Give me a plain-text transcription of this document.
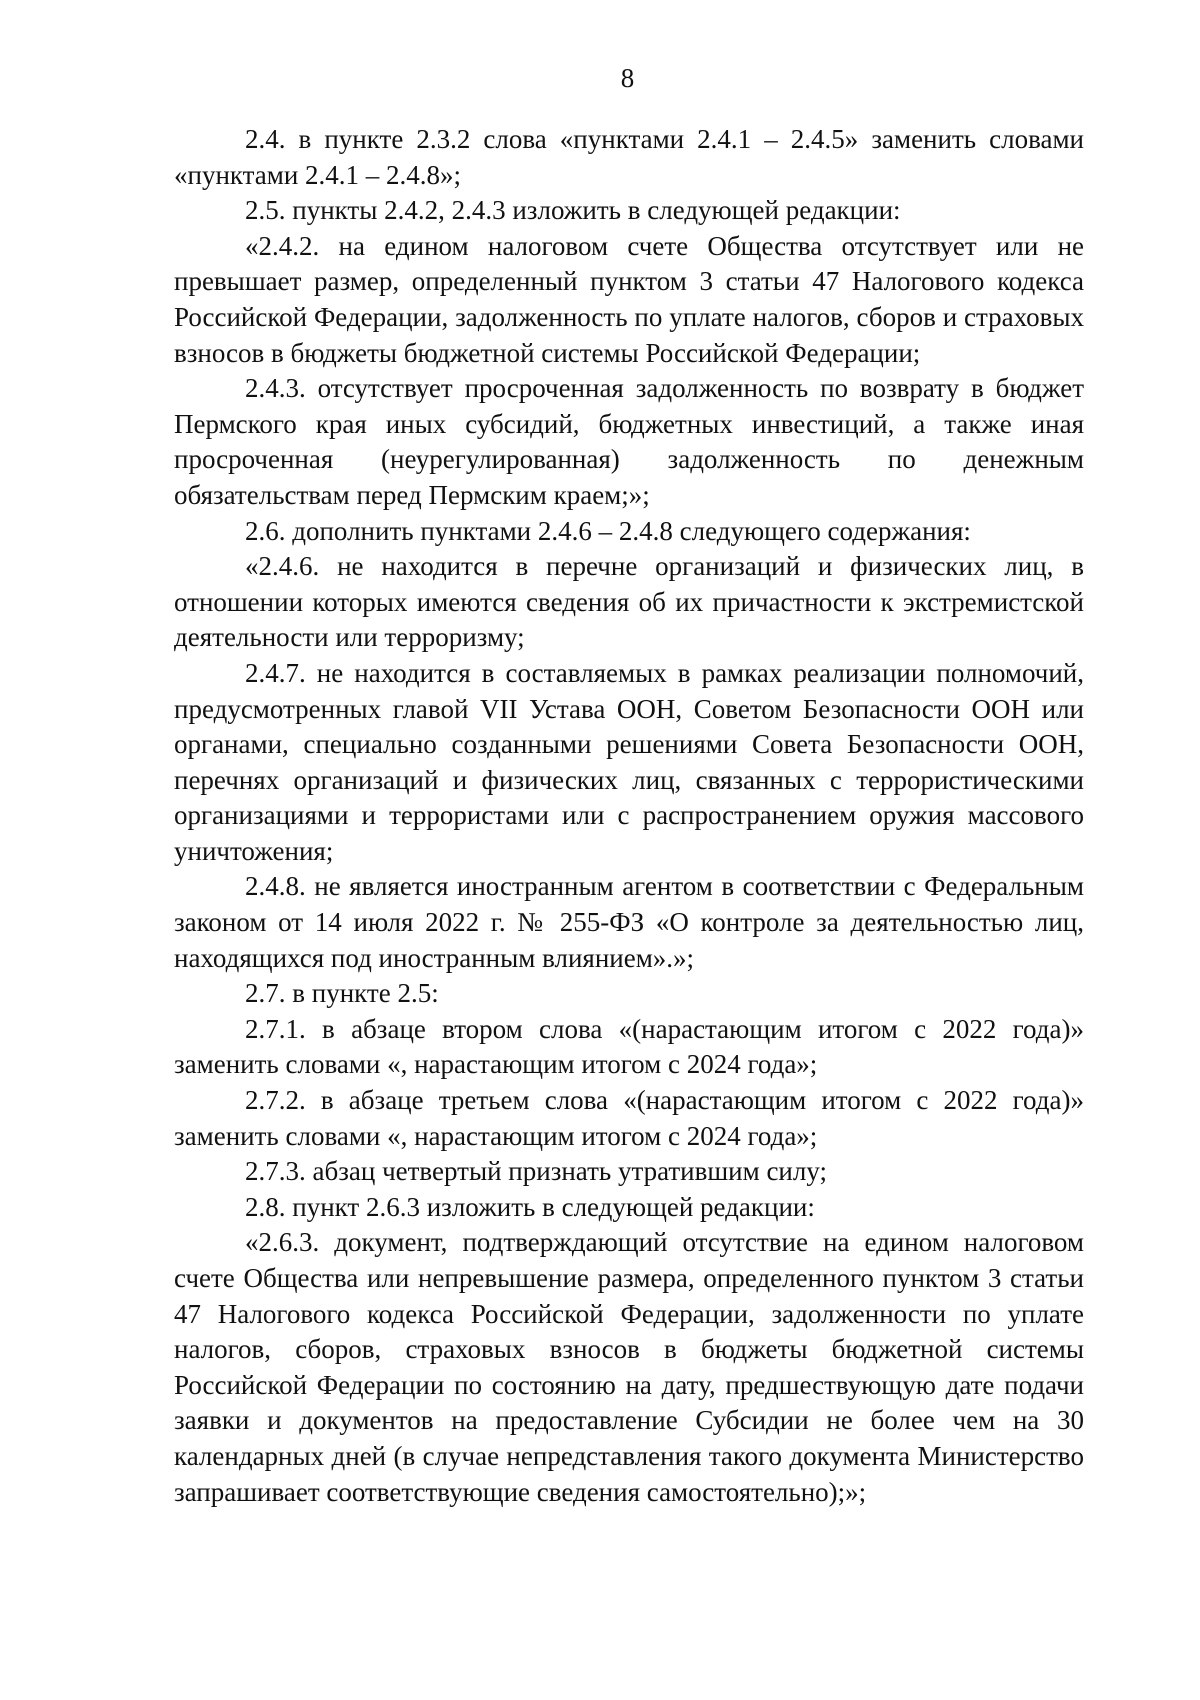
8

2.4. в пункте 2.3.2 слова «пунктами 2.4.1 – 2.4.5» заменить словами «пунктами 2.4.1 – 2.4.8»;

2.5. пункты 2.4.2, 2.4.3 изложить в следующей редакции:

«2.4.2. на едином налоговом счете Общества отсутствует или не превышает размер, определенный пунктом 3 статьи 47 Налогового кодекса Российской Федерации, задолженность по уплате налогов, сборов и страховых взносов в бюджеты бюджетной системы Российской Федерации;

2.4.3. отсутствует просроченная задолженность по возврату в бюджет Пермского края иных субсидий, бюджетных инвестиций, а также иная просроченная (неурегулированная) задолженность по денежным обязательствам перед Пермским краем;»;

2.6. дополнить пунктами 2.4.6 – 2.4.8 следующего содержания:

«2.4.6. не находится в перечне организаций и физических лиц, в отношении которых имеются сведения об их причастности к экстремистской деятельности или терроризму;

2.4.7. не находится в составляемых в рамках реализации полномочий, предусмотренных главой VII Устава ООН, Советом Безопасности ООН или органами, специально созданными решениями Совета Безопасности ООН, перечнях организаций и физических лиц, связанных с террористическими организациями и террористами или с распространением оружия массового уничтожения;

2.4.8. не является иностранным агентом в соответствии с Федеральным законом от 14 июля 2022 г. № 255-ФЗ «О контроле за деятельностью лиц, находящихся под иностранным влиянием».»;

2.7. в пункте 2.5:

2.7.1. в абзаце втором слова «(нарастающим итогом с 2022 года)» заменить словами «, нарастающим итогом с 2024 года»;

2.7.2. в абзаце третьем слова «(нарастающим итогом с 2022 года)» заменить словами «, нарастающим итогом с 2024 года»;

2.7.3. абзац четвертый признать утратившим силу;

2.8. пункт 2.6.3 изложить в следующей редакции:

«2.6.3. документ, подтверждающий отсутствие на едином налоговом счете Общества или непревышение размера, определенного пунктом 3 статьи 47 Налогового кодекса Российской Федерации, задолженности по уплате налогов, сборов, страховых взносов в бюджеты бюджетной системы Российской Федерации по состоянию на дату, предшествующую дате подачи заявки и документов на предоставление Субсидии не более чем на 30 календарных дней (в случае непредставления такого документа Министерство запрашивает соответствующие сведения самостоятельно);»;
